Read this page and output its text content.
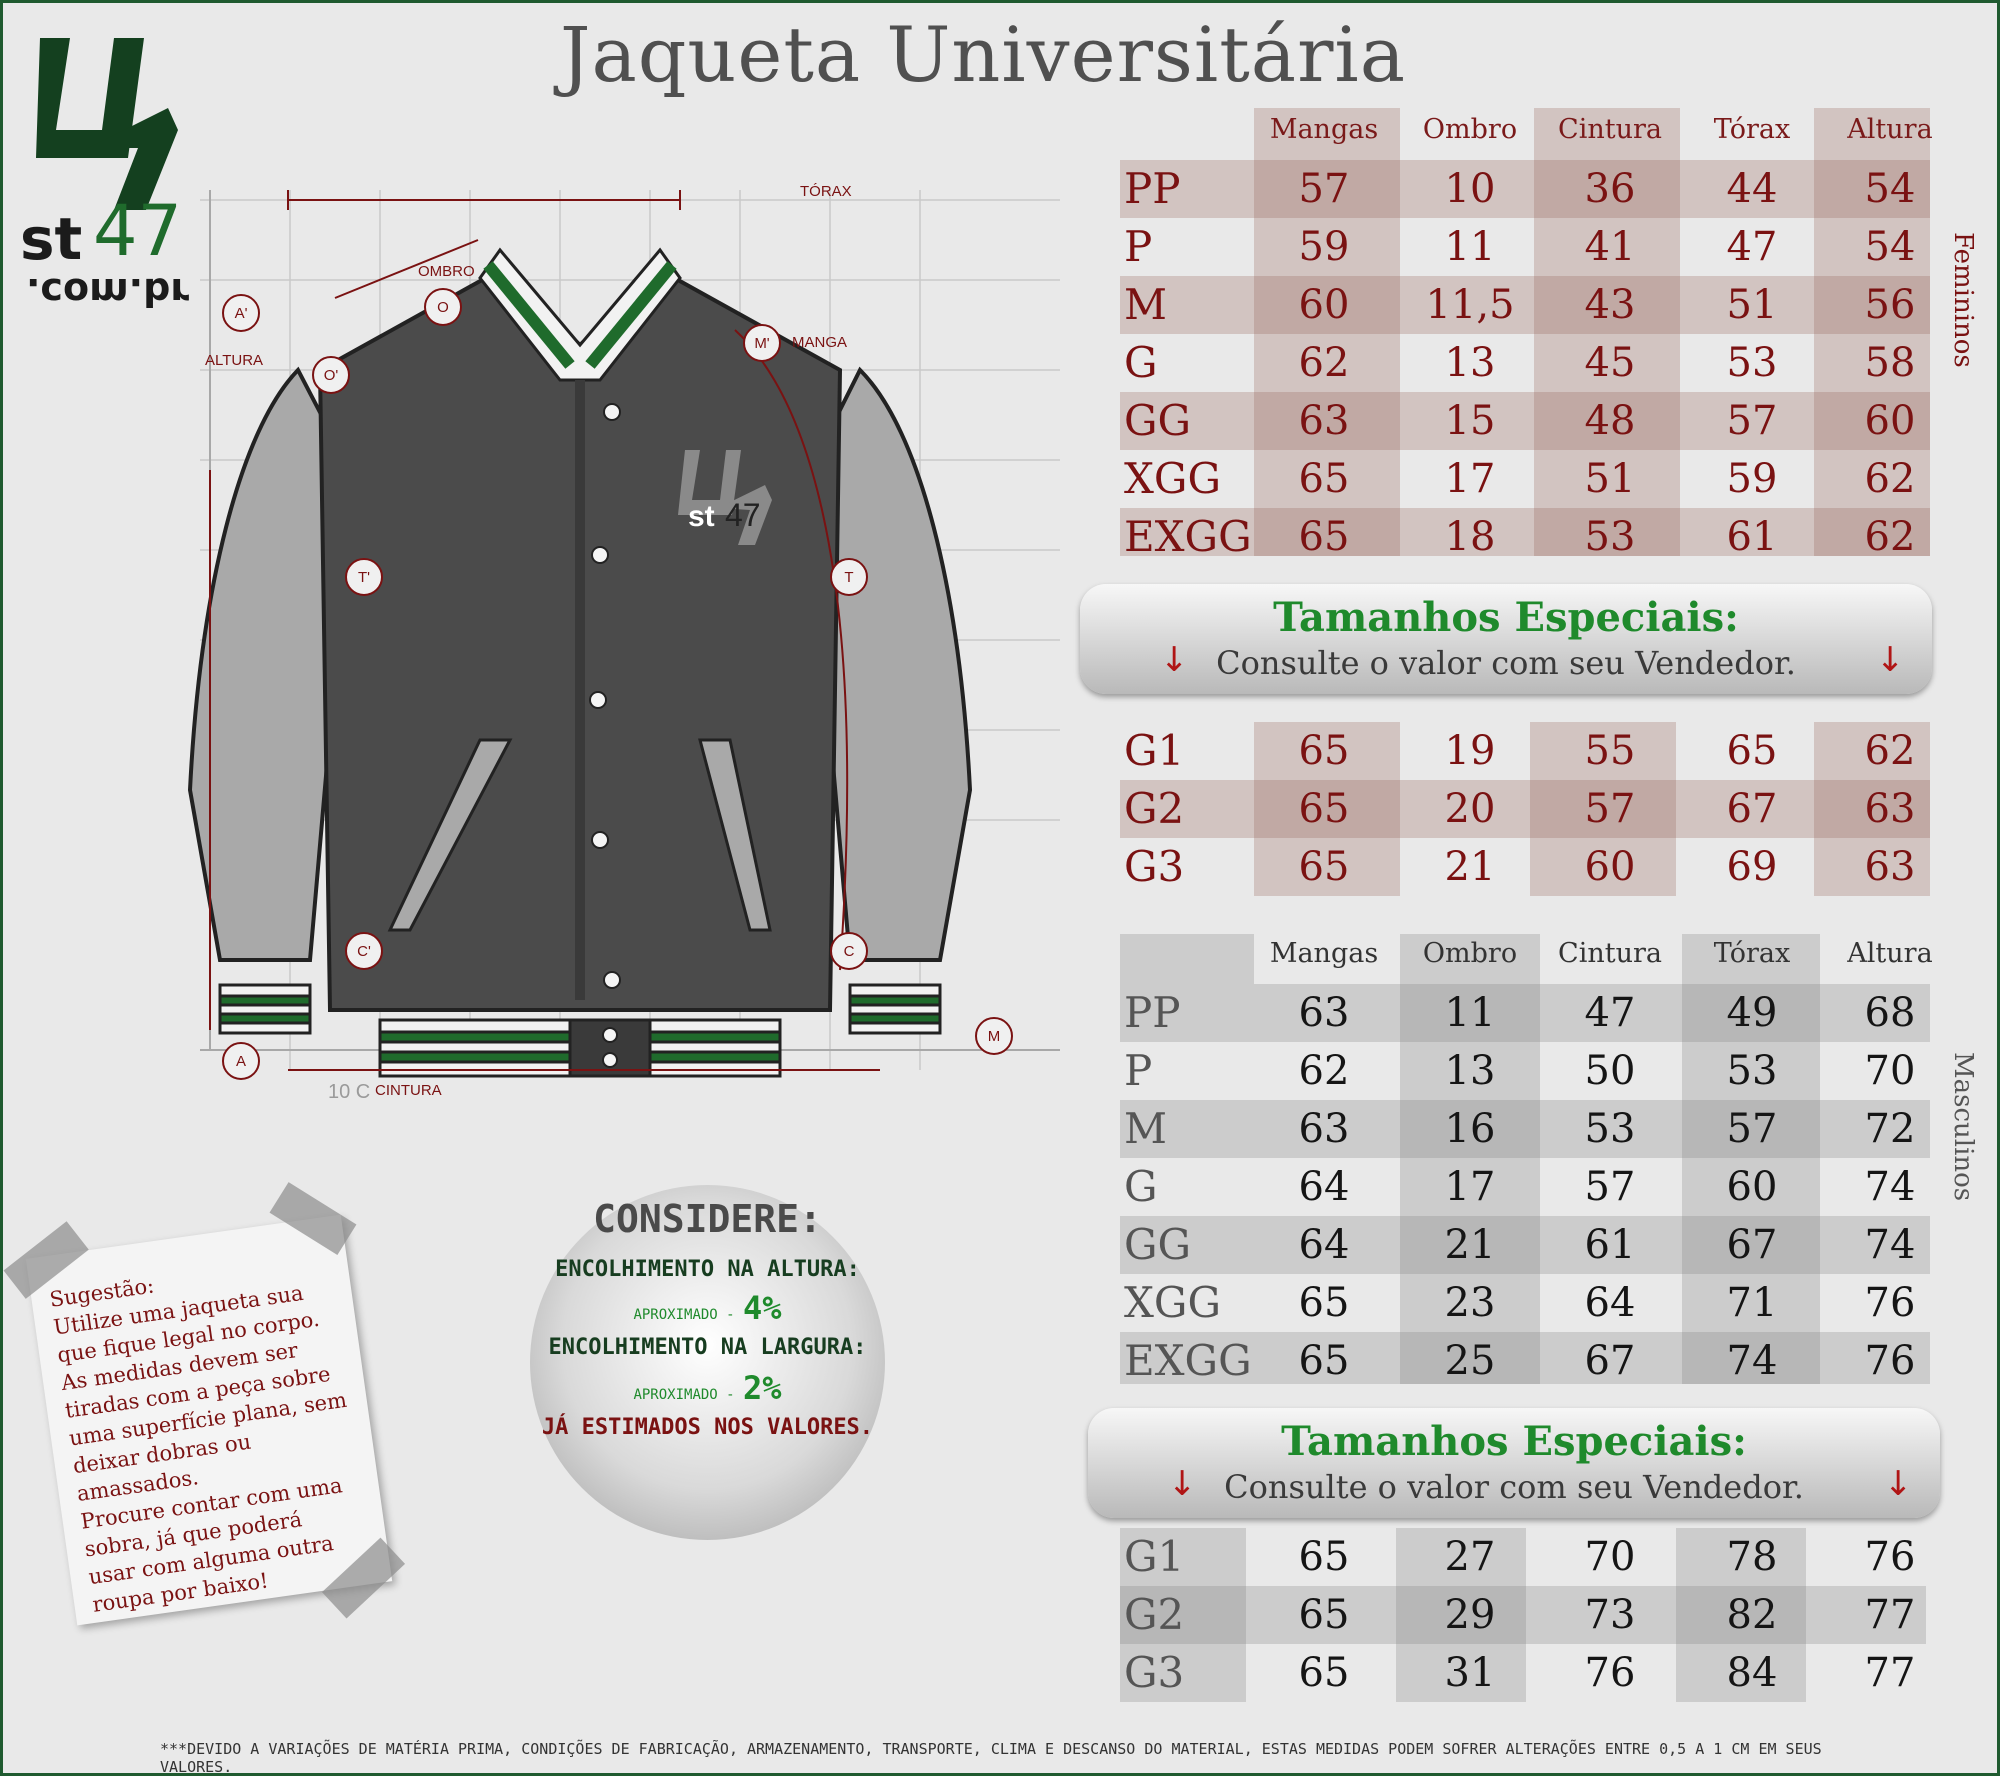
st 47
.com.br
Jaqueta Universitária
st 47
A'	O
O'
M'
T'	T
C'	C
A
M
TÓRAX
OMBRO
ALTURA
MANGA
CINTURA
10 C
Mangas	Ombro	Cintura	Tórax	Altura
PP	57	10	36	44	54
P	59	11	41	47	54
M	60	11,5	43	51	56
G	62	13	45	53	58
GG	63	15	48	57	60
XGG	65	17	51	59	62
EXGG	65	18	53	61	62
Femininos
Tamanhos Especiais:
Consulte o valor com seu Vendedor.
↓	↓
G1	65	19	55	65	62
G2	65	20	57	67	63
G3	65	21	60	69	63
Mangas	Ombro	Cintura	Tórax	Altura
PP	63	11	47	49	68
P	62	13	50	53	70
M	63	16	53	57	72
G	64	17	57	60	74
GG	64	21	61	67	74
XGG	65	23	64	71	76
EXGG	65	25	67	74	76
Masculinos
Tamanhos Especiais:
Consulte o valor com seu Vendedor.
↓	↓
G1	65	27	70	78	76
G2	65	29	73	82	77
G3	65	31	76	84	77
Sugestão:
Utilize uma jaqueta sua
que fique legal no corpo.
As medidas devem ser
tiradas com a peça sobre
uma superfície plana, sem
deixar dobras ou amassados.
Procure contar com uma
sobra, já que poderá
usar com alguma outra
roupa por baixo!
CONSIDERE:
ENCOLHIMENTO NA ALTURA:
APROXIMADO - 4%
ENCOLHIMENTO NA LARGURA:
APROXIMADO - 2%
JÁ ESTIMADOS NOS VALORES.
***DEVIDO A VARIAÇÕES DE MATÉRIA PRIMA, CONDIÇÕES DE FABRICAÇÃO, ARMAZENAMENTO, TRANSPORTE, CLIMA E DESCANSO DO MATERIAL, ESTAS MEDIDAS PODEM SOFRER ALTERAÇÕES ENTRE 0,5 A 1 CM EM SEUS VALORES.
